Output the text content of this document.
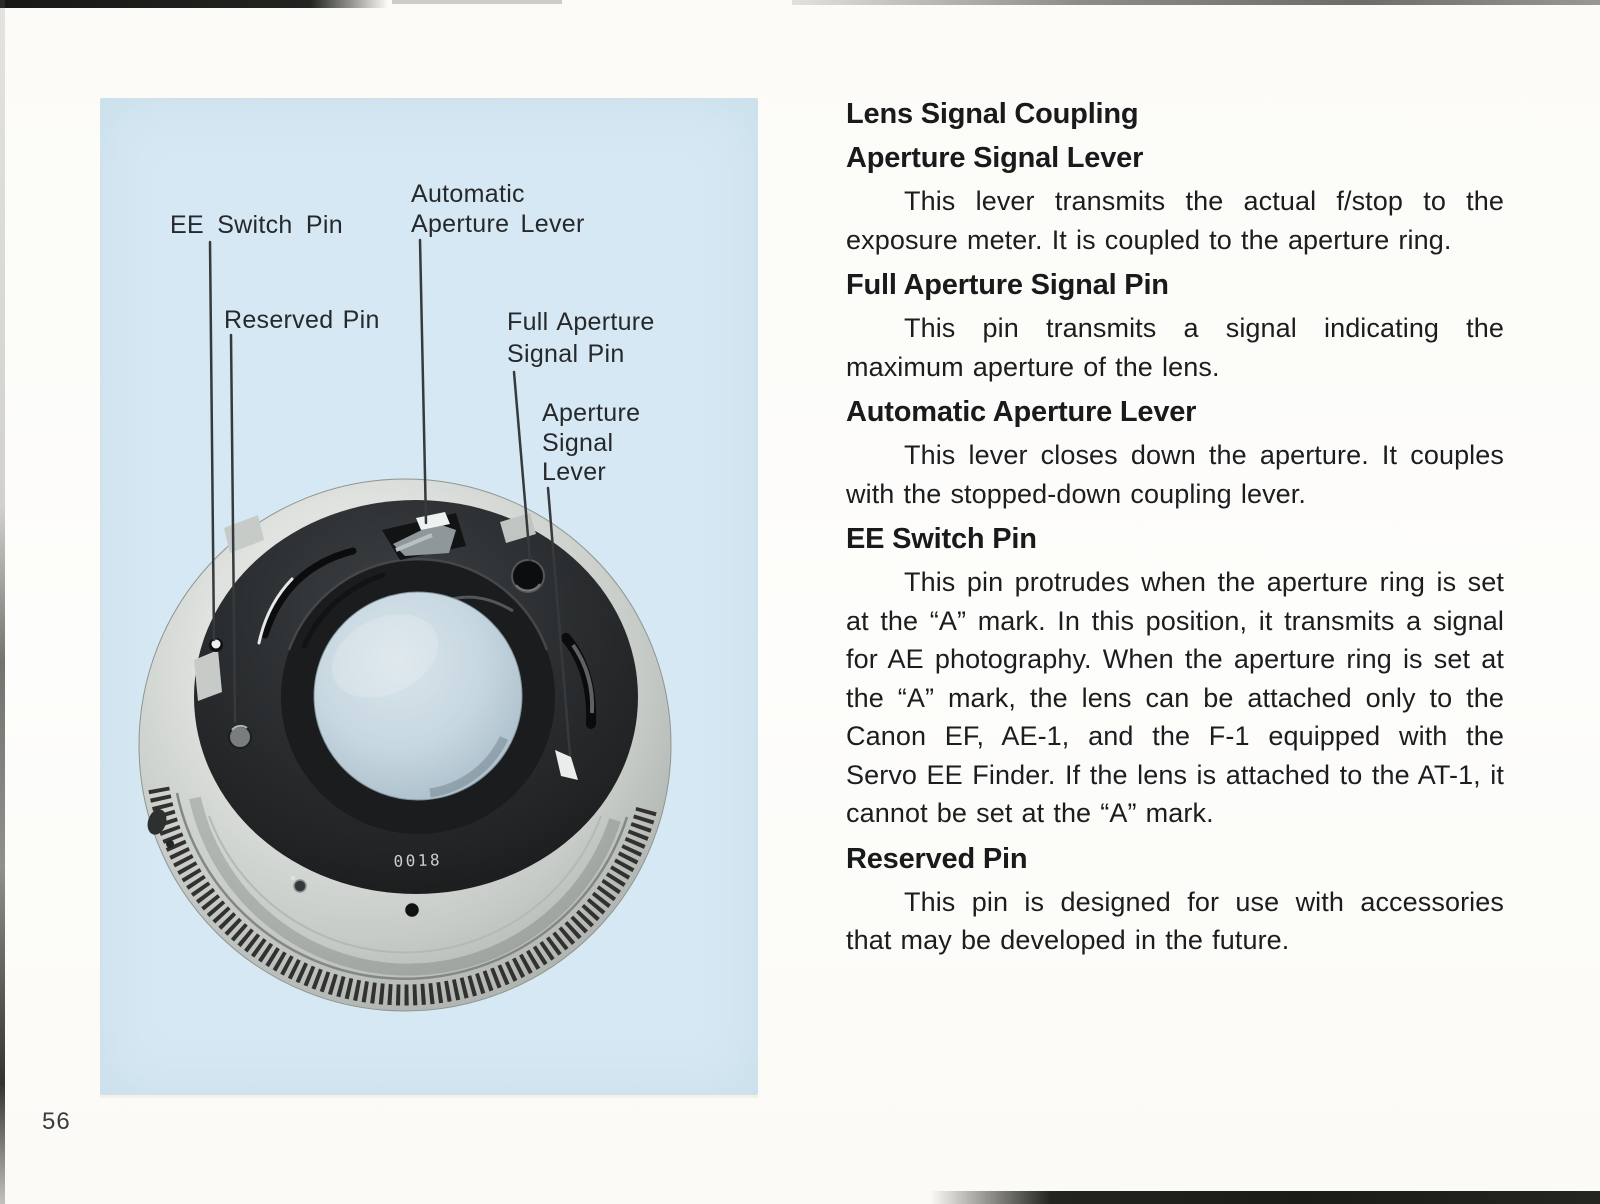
0018
EE Switch Pin
Automatic
Aperture Lever
Reserved Pin	Full Aperture
Signal Pin
Aperture
Signal
Lever
Lens Signal Coupling
Aperture Signal Lever

This lever transmits the actual f/stop to the exposure meter. It is coupled to the aperture ring.

Full Aperture Signal Pin

This pin transmits a signal indicating the maximum aperture of the lens.

Automatic Aperture Lever

This lever closes down the aperture. It couples with the stopped-down coupling lever.

EE Switch Pin

This pin protrudes when the aperture ring is set at the “A” mark. In this position, it transmits a signal for AE photography. When the aperture ring is set at the “A” mark, the lens can be attached only to the Canon EF, AE-1, and the F-1 equipped with the Servo EE Finder. If the lens is attached to the AT-1, it cannot be set at the “A” mark.

Reserved Pin

This pin is designed for use with accessories that may be developed in the future.

56
